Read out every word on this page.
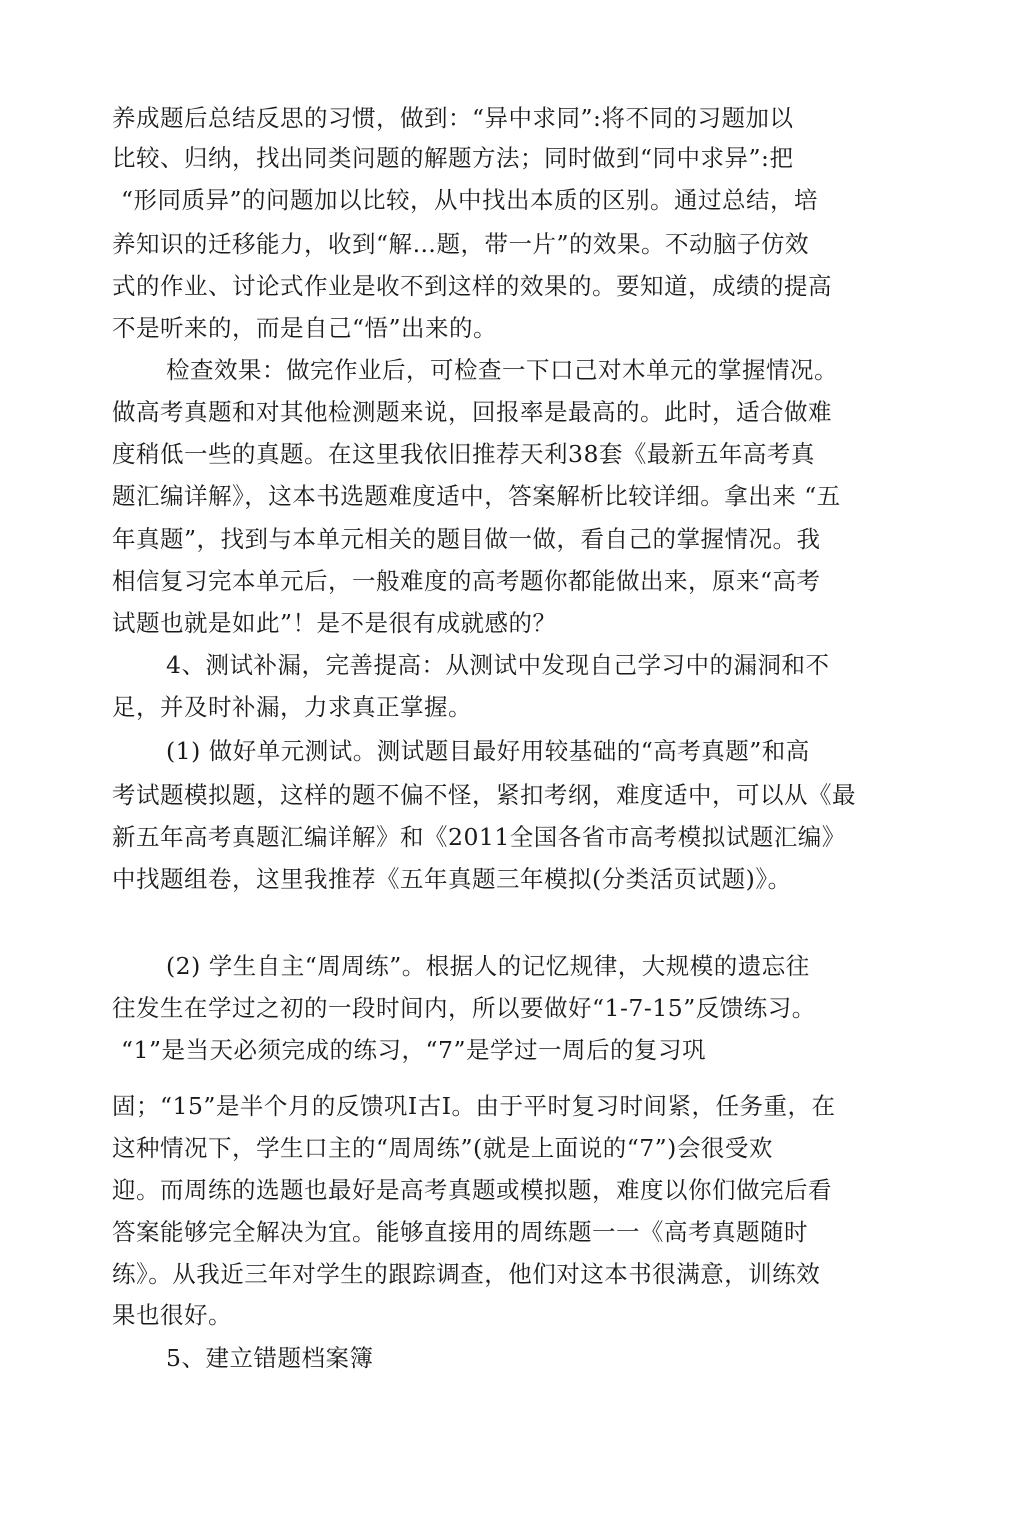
养成题后总结反思的习惯，做到：“异中求同”:将不同的习题加以
比较、归纳，找出同类问题的解题方法；同时做到“同中求异”:把
“形同质异”的问题加以比较，从中找出本质的区别。通过总结，培
养知识的迁移能力，收到“解…题，带一片”的效果。不动脑子仿效
式的作业、讨论式作业是收不到这样的效果的。要知道，成绩的提高
不是听来的，而是自己“悟”出来的。
检查效果：做完作业后，可检查一下口己对木单元的掌握情况。
做高考真题和对其他检测题来说，回报率是最高的。此时，适合做难
度稍低一些的真题。在这里我依旧推荐天利38套《最新五年高考真
题汇编详解》，这本书选题难度适中，答案解析比较详细。拿出来 “五
年真题”，找到与本单元相关的题目做一做，看自己的掌握情况。我
相信复习完本单元后，一般难度的高考题你都能做出来，原来“高考
试题也就是如此”！是不是很有成就感的？
4、测试补漏，完善提高：从测试中发现自己学习中的漏洞和不
足，并及时补漏，力求真正掌握。
(1) 做好单元测试。测试题目最好用较基础的“高考真题”和高
考试题模拟题，这样的题不偏不怪，紧扣考纲，难度适中，可以从《最
新五年高考真题汇编详解》和《2011全国各省市高考模拟试题汇编》
中找题组卷，这里我推荐《五年真题三年模拟(分类活页试题)》。
(2) 学生自主“周周练”。根据人的记忆规律，大规模的遗忘往
往发生在学过之初的一段时间内，所以要做好“1-7-15”反馈练习。
“1”是当天必须完成的练习，“7”是学过一周后的复习巩
固；“15”是半个月的反馈巩I古I。由于平时复习时间紧，任务重，在
这种情况下，学生口主的“周周练”(就是上面说的“7”)会很受欢
迎。而周练的选题也最好是高考真题或模拟题，难度以你们做完后看
答案能够完全解决为宜。能够直接用的周练题一一《高考真题随时
练》。从我近三年对学生的跟踪调查，他们对这本书很满意，训练效
果也很好。
5、建立错题档案簿
